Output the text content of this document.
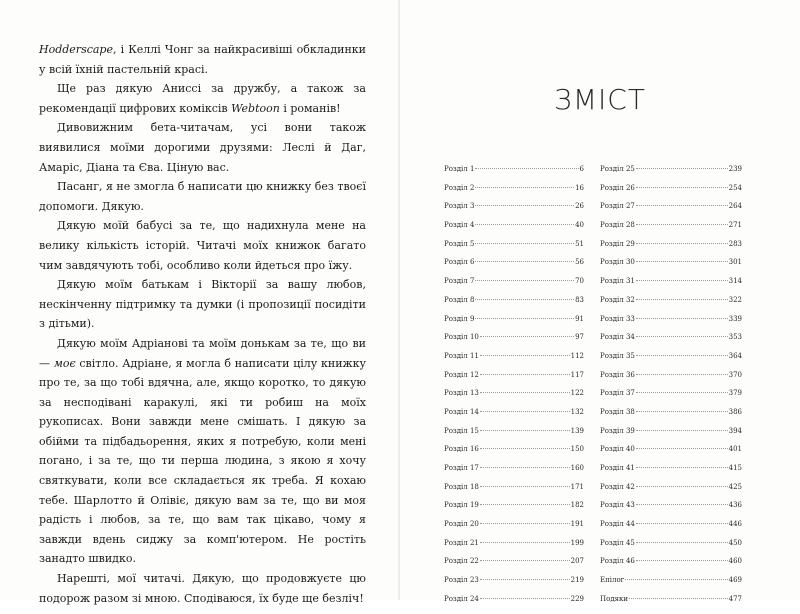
Hodderscape, і Келлі Чонг за найкрасивіші обкладинки у всій їхній пастельній красі.

Ще раз дякую Аниссі за дружбу, а також за рекомендації цифрових коміксів Webtoon і романів!

Дивовижним бета-читачам, усі вони також виявилися моїми дорогими друзями: Леслі й Даг, Амаріс, Діана та Єва. Ціную вас.

Пасанг, я не змогла б написати цю книжку без твоєї допомоги. Дякую.

Дякую моїй бабусі за те, що надихнула мене на велику кількість історій. Читачі моїх книжок багато чим завдячують тобі, особливо коли йдеться про їжу.

Дякую моїм батькам і Вікторії за вашу любов, нескінченну підтримку та думки (і пропозиції посидіти з дітьми).

Дякую моїм Адріанові та моїм донькам за те, що ви — моє світло. Адріане, я могла б написати цілу книжку про те, за що тобі вдячна, але, якщо коротко, то дякую за несподівані каракулі, які ти робиш на моїх рукописах. Вони завжди мене смішать. І дякую за обійми та підбадьорення, яких я потребую, коли мені погано, і за те, що ти перша людина, з якою я хочу святкувати, коли все складається як треба. Я кохаю тебе. Шарлотто й Олівіє, дякую вам за те, що ви моя радість і любов, за те, що вам так цікаво, чому я завжди вдень сиджу за комп'ютером. Не ростіть занадто швидко.

Нарешті, мої читачі. Дякую, що продовжуєте цю подорож разом зі мною. Сподіваюся, їх буде ще безліч!

ЗМІСТ
Розділ 1	6
Розділ 2	16
Розділ 3	26
Розділ 4	40
Розділ 5	51
Розділ 6	56
Розділ 7	70
Розділ 8	83
Розділ 9	91
Розділ 10	97
Розділ 11	112
Розділ 12	117
Розділ 13	122
Розділ 14	132
Розділ 15	139
Розділ 16	150
Розділ 17	160
Розділ 18	171
Розділ 19	182
Розділ 20	191
Розділ 21	199
Розділ 22	207
Розділ 23	219
Розділ 24	229
Розділ 25	239
Розділ 26	254
Розділ 27	264
Розділ 28	271
Розділ 29	283
Розділ 30	301
Розділ 31	314
Розділ 32	322
Розділ 33	339
Розділ 34	353
Розділ 35	364
Розділ 36	370
Розділ 37	379
Розділ 38	386
Розділ 39	394
Розділ 40	401
Розділ 41	415
Розділ 42	425
Розділ 43	436
Розділ 44	446
Розділ 45	450
Розділ 46	460
Епілог	469
Подяки	477
